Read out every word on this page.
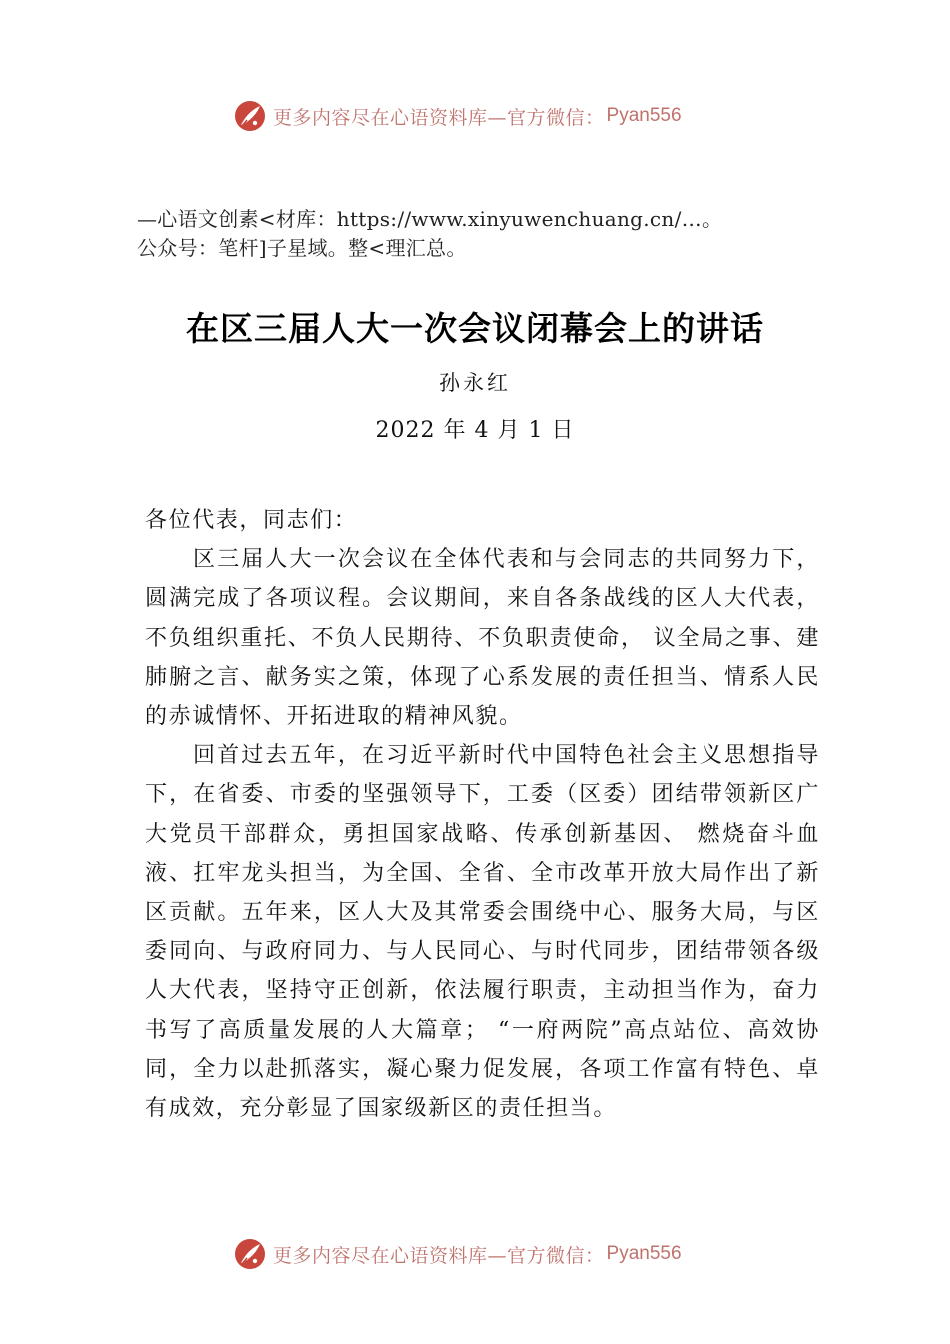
更多内容尽在心语资料库—官方微信： Pyan556
—心语文创素<材库：https://www.xinyuwenchuang.cn/…。
公众号：笔杆]子星域。整<理汇总。
在区三届人大一次会议闭幕会上的讲话
孙永红
2022 年 4 月 1 日

各位代表，同志们：

区三届人大一次会议在全体代表和与会同志的共同努力下，圆满完成了各项议程。会议期间，来自各条战线的区人大代表，不负组织重托、不负人民期待、不负职责使命， 议全局之事、建肺腑之言、献务实之策，体现了心系发展的责任担当、情系人民的赤诚情怀、开拓进取的精神风貌。

回首过去五年，在习近平新时代中国特色社会主义思想指导下，在省委、市委的坚强领导下，工委（区委）团结带领新区广大党员干部群众，勇担国家战略、传承创新基因、 燃烧奋斗血液、扛牢龙头担当，为全国、全省、全市改革开放大局作出了新区贡献。五年来，区人大及其常委会围绕中心、服务大局，与区委同向、与政府同力、与人民同心、与时代同步，团结带领各级人大代表，坚持守正创新，依法履行职责，主动担当作为，奋力书写了高质量发展的人大篇章； “一府两院”高点站位、高效协同，全力以赴抓落实，凝心聚力促发展，各项工作富有特色、卓有成效，充分彰显了国家级新区的责任担当。

更多内容尽在心语资料库—官方微信： Pyan556
